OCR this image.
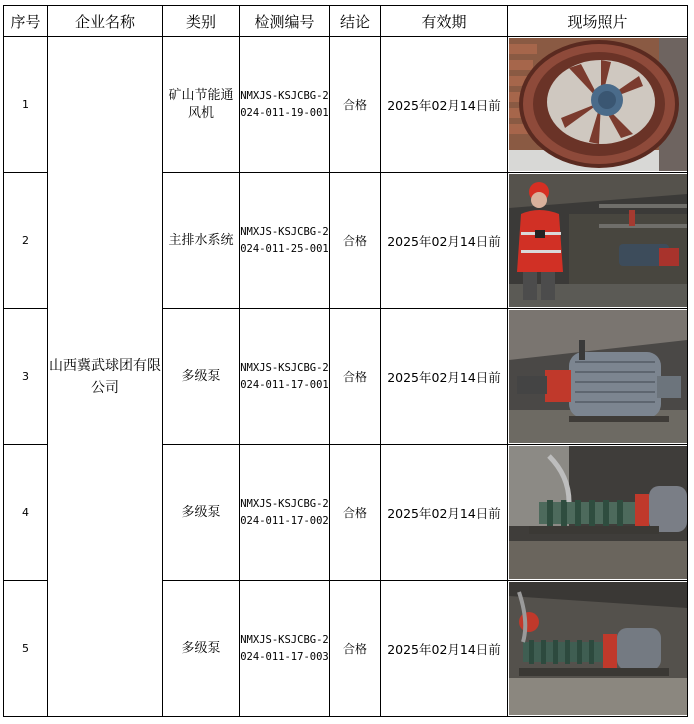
序号	企业名称	类别	检测编号	结论	有效期	现场照片
1	山西冀武球团有限公司	矿山节能通风机	NMXJS-KSJCBG-2024-011-19-001	合格	2025年02月14日前	

2		主排水系统	NMXJS-KSJCBG-2024-011-25-001	合格	2025年02月14日前	

3		多级泵	NMXJS-KSJCBG-2024-011-17-001	合格	2025年02月14日前	

4		多级泵	NMXJS-KSJCBG-2024-011-17-002	合格	2025年02月14日前	

5		多级泵	NMXJS-KSJCBG-2024-011-17-003	合格	2025年02月14日前	
